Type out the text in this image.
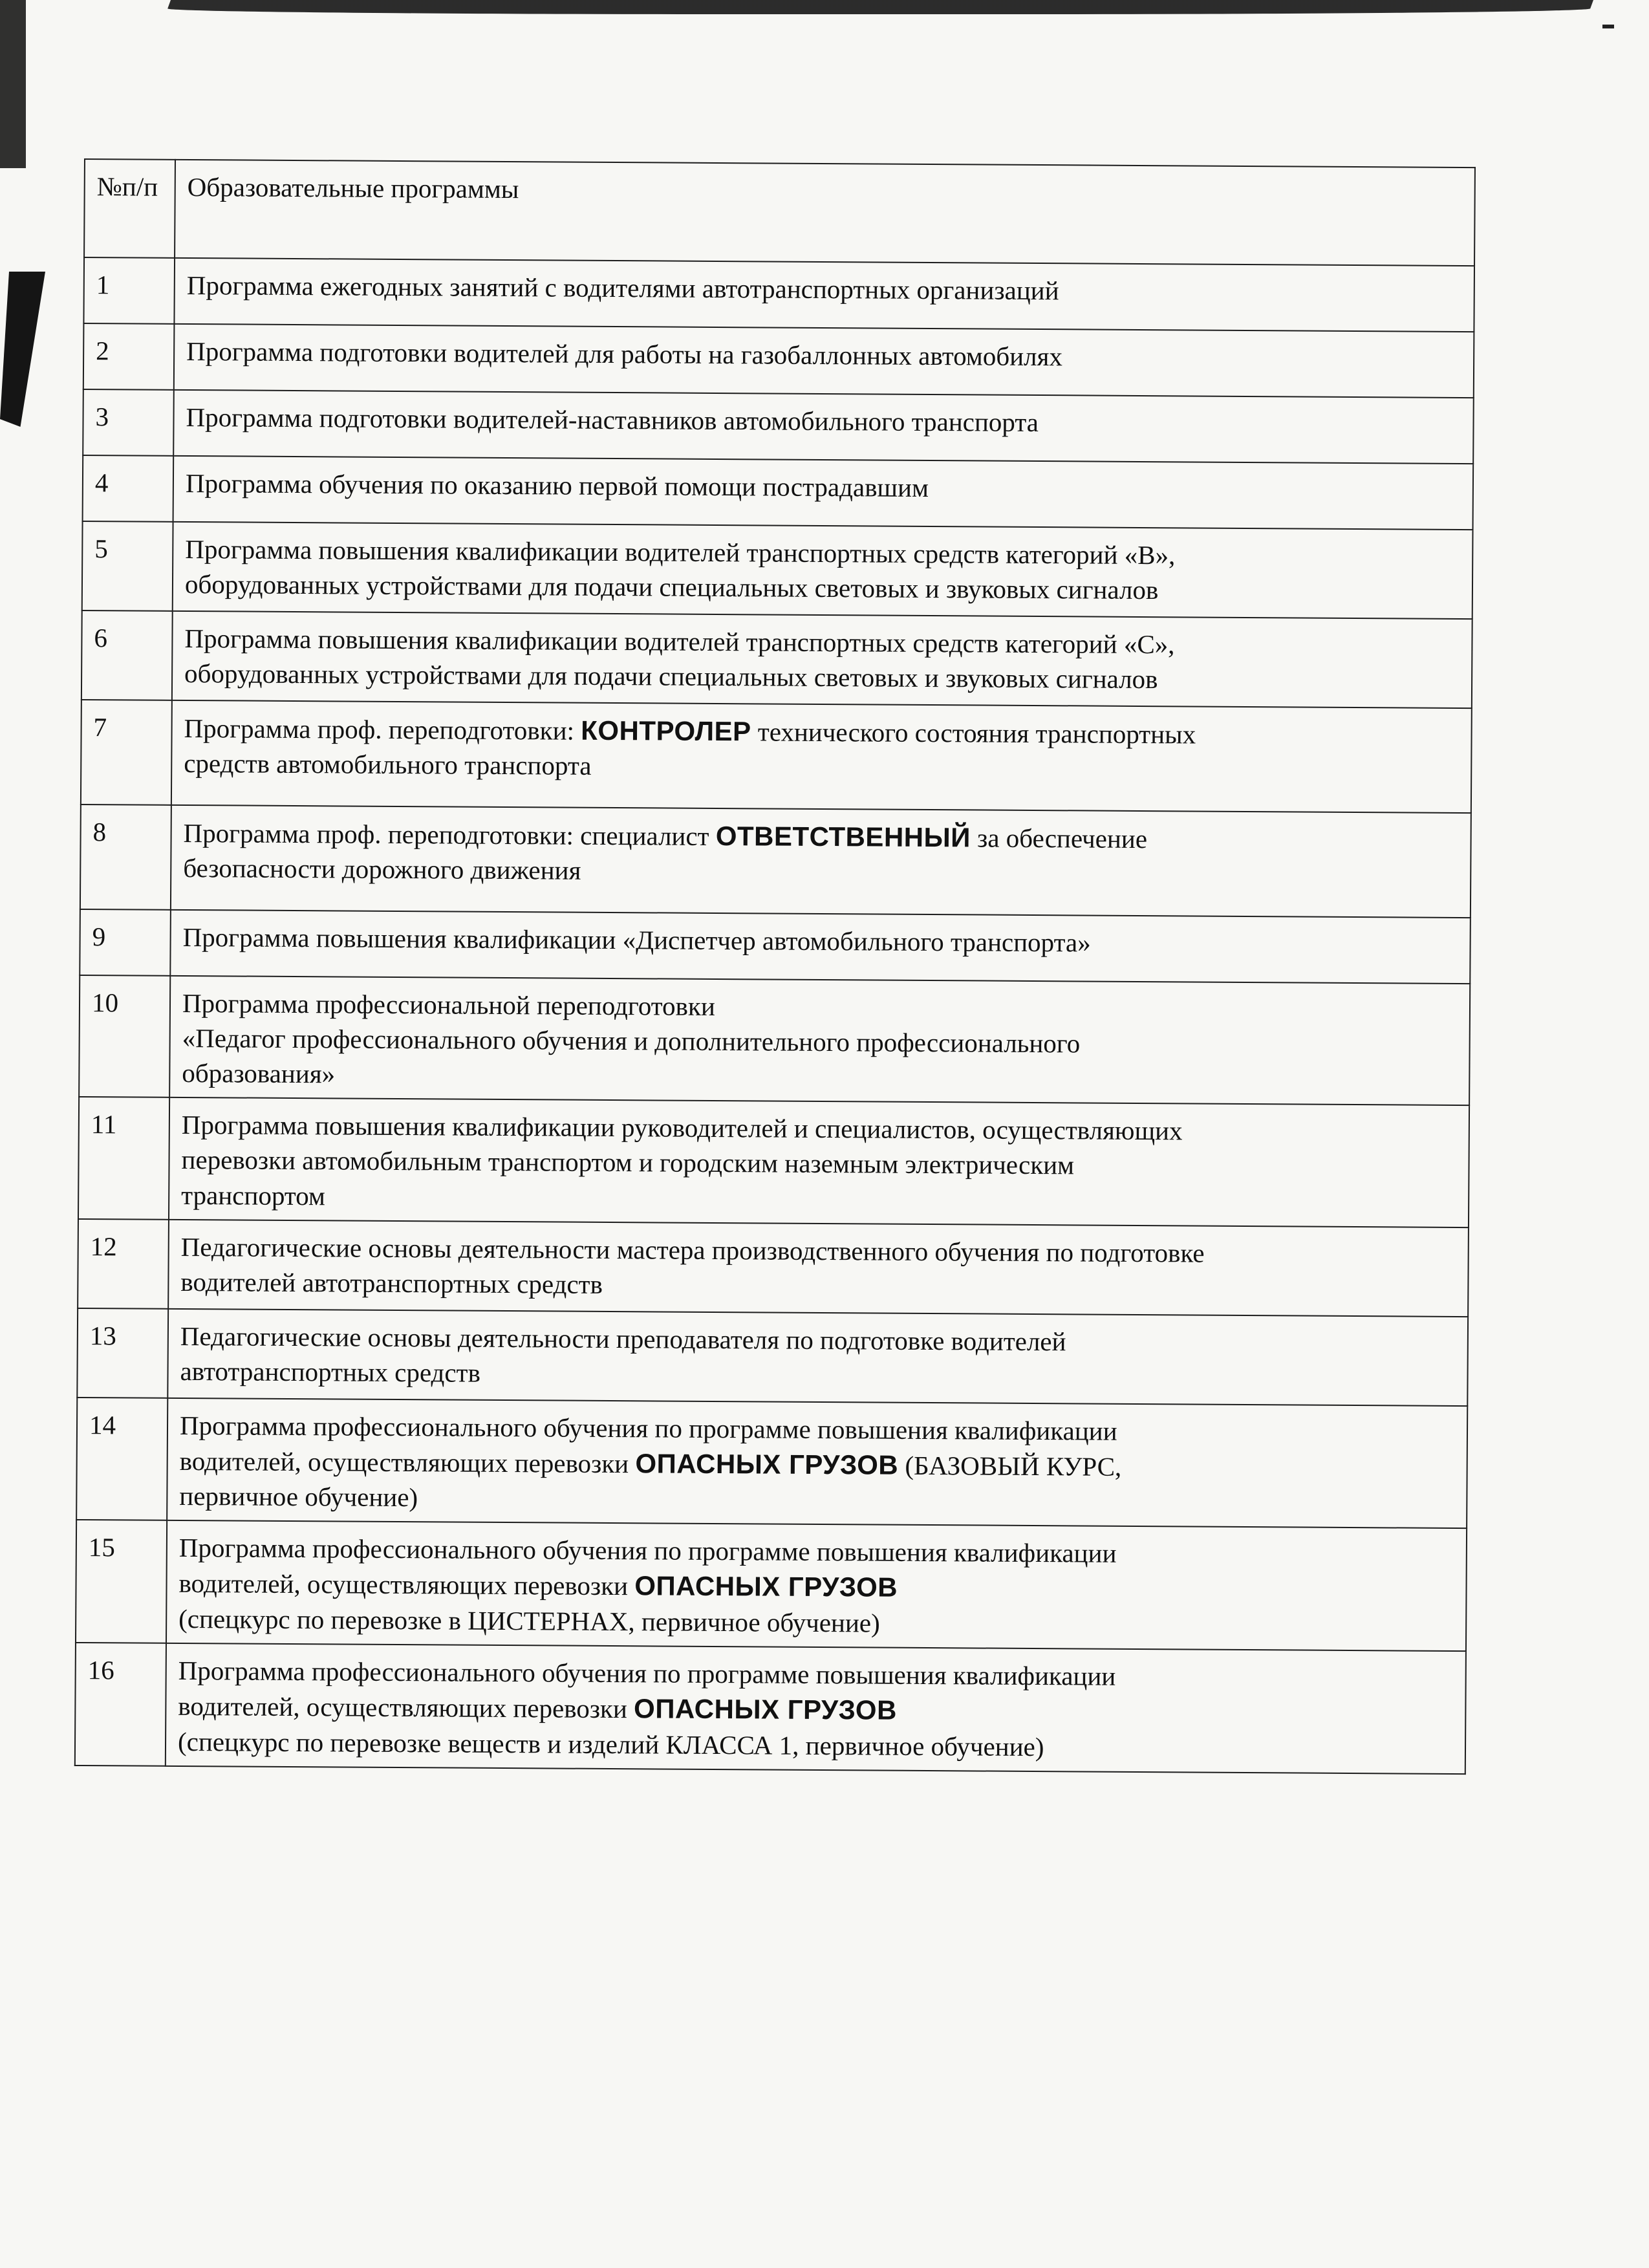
№п/п	Образовательные программы
1	Программа ежегодных занятий с водителями автотранспортных организаций

2	Программа подготовки водителей для работы на газобаллонных автомобилях

3	Программа подготовки водителей-наставников автомобильного транспорта

4	Программа обучения по оказанию первой помощи пострадавшим

5	Программа повышения квалификации водителей транспортных средств категорий «В»,
оборудованных устройствами для подачи специальных световых и звуковых сигналов

6	Программа повышения квалификации водителей транспортных средств категорий «С»,
оборудованных устройствами для подачи специальных световых и звуковых сигналов

7	Программа проф. переподготовки: КОНТРОЛЕР технического состояния транспортных
средств автомобильного транспорта

8	Программа проф. переподготовки: специалист ОТВЕТСТВЕННЫЙ за обеспечение
безопасности дорожного движения

9	Программа повышения квалификации «Диспетчер автомобильного транспорта»

10	Программа профессиональной переподготовки
«Педагог профессионального обучения и дополнительного профессионального
образования»

11	Программа повышения квалификации руководителей и специалистов, осуществляющих
перевозки автомобильным транспортом и городским наземным электрическим
транспортом

12	Педагогические основы деятельности мастера производственного обучения по подготовке
водителей автотранспортных средств

13	Педагогические основы деятельности преподавателя по подготовке водителей
автотранспортных средств

14	Программа профессионального обучения по программе повышения квалификации
водителей, осуществляющих перевозки ОПАСНЫХ ГРУЗОВ (БАЗОВЫЙ КУРС,
первичное обучение)

15	Программа профессионального обучения по программе повышения квалификации
водителей, осуществляющих перевозки ОПАСНЫХ ГРУЗОВ
(спецкурс по перевозке в ЦИСТЕРНАХ, первичное обучение)

16	Программа профессионального обучения по программе повышения квалификации
водителей, осуществляющих перевозки ОПАСНЫХ ГРУЗОВ
(спецкурс по перевозке веществ и изделий КЛАССА 1, первичное обучение)
